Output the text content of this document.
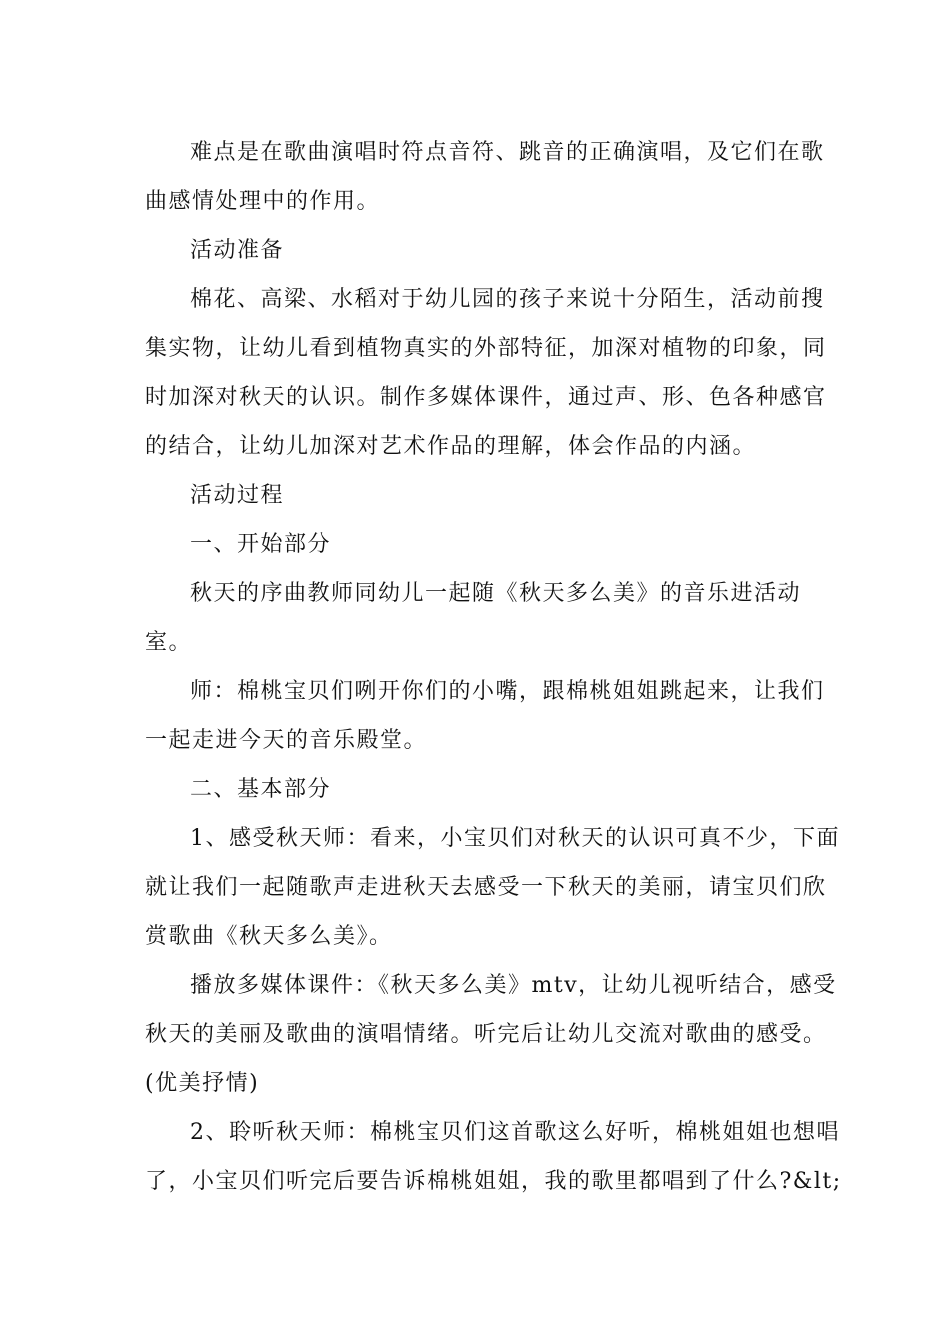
难点是在歌曲演唱时符点音符、跳音的正确演唱，及它们在歌
曲感情处理中的作用。

活动准备

棉花、高梁、水稻对于幼儿园的孩子来说十分陌生，活动前搜
集实物，让幼儿看到植物真实的外部特征，加深对植物的印象，同
时加深对秋天的认识。制作多媒体课件，通过声、形、色各种感官
的结合，让幼儿加深对艺术作品的理解，体会作品的内涵。

活动过程

一、开始部分

秋天的序曲教师同幼儿一起随《秋天多么美》的音乐进活动
室。

师：棉桃宝贝们咧开你们的小嘴，跟棉桃姐姐跳起来，让我们
一起走进今天的音乐殿堂。

二、基本部分

1、感受秋天师：看来，小宝贝们对秋天的认识可真不少，下面
就让我们一起随歌声走进秋天去感受一下秋天的美丽，请宝贝们欣
赏歌曲《秋天多么美》。

播放多媒体课件：《秋天多么美》mtv，让幼儿视听结合，感受
秋天的美丽及歌曲的演唱情绪。听完后让幼儿交流对歌曲的感受。
(优美抒情)

2、聆听秋天师：棉桃宝贝们这首歌这么好听，棉桃姐姐也想唱
了，小宝贝们听完后要告诉棉桃姐姐，我的歌里都唱到了什么?&lt;
